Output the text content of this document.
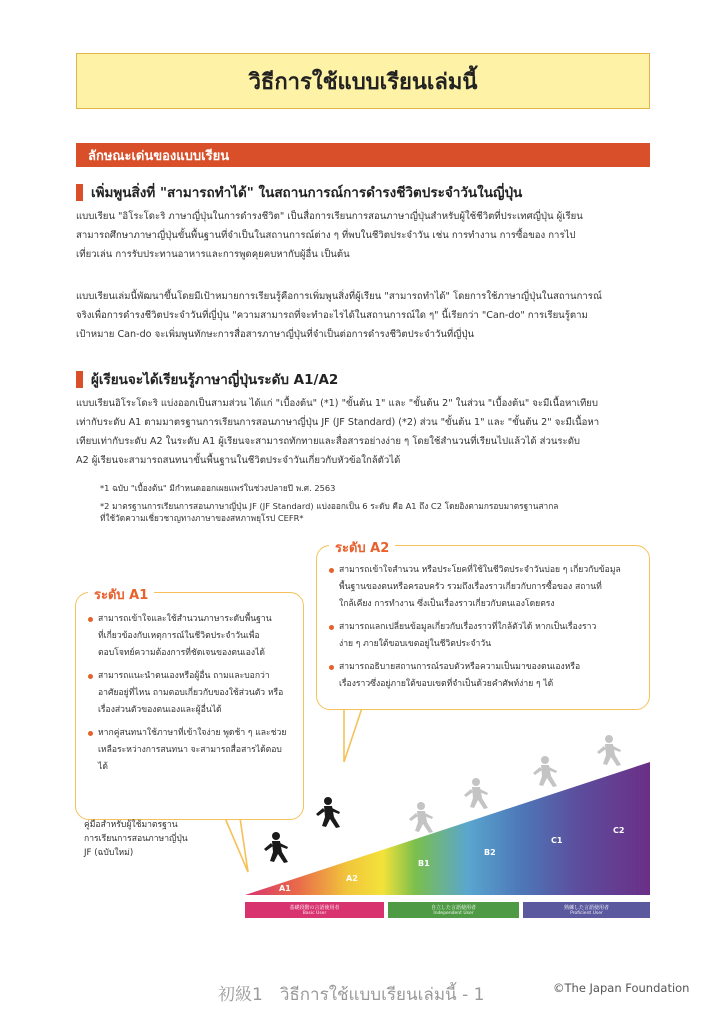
วิธีการใช้แบบเรียนเล่มนี้
ลักษณะเด่นของแบบเรียน
เพิ่มพูนสิ่งที่ "สามารถทำได้" ในสถานการณ์การดำรงชีวิตประจำวันในญี่ปุ่น
แบบเรียน "อิโระโดะริ ภาษาญี่ปุ่นในการดำรงชีวิต" เป็นสื่อการเรียนการสอนภาษาญี่ปุ่นสำหรับผู้ใช้ชีวิตที่ประเทศญี่ปุ่น ผู้เรียน
สามารถศึกษาภาษาญี่ปุ่นขั้นพื้นฐานที่จำเป็นในสถานการณ์ต่าง ๆ ที่พบในชีวิตประจำวัน เช่น การทำงาน การซื้อของ การไป
เที่ยวเล่น การรับประทานอาหารและการพูดคุยคบหากับผู้อื่น เป็นต้น
แบบเรียนเล่มนี้พัฒนาขึ้นโดยมีเป้าหมายการเรียนรู้คือการเพิ่มพูนสิ่งที่ผู้เรียน "สามารถทำได้" โดยการใช้ภาษาญี่ปุ่นในสถานการณ์
จริงเพื่อการดำรงชีวิตประจำวันที่ญี่ปุ่น "ความสามารถที่จะทำอะไรได้ในสถานการณ์ใด ๆ" นี้เรียกว่า "Can-do" การเรียนรู้ตาม
เป้าหมาย Can-do จะเพิ่มพูนทักษะการสื่อสารภาษาญี่ปุ่นที่จำเป็นต่อการดำรงชีวิตประจำวันที่ญี่ปุ่น
ผู้เรียนจะได้เรียนรู้ภาษาญี่ปุ่นระดับ A1/A2
แบบเรียนอิโระโดะริ แบ่งออกเป็นสามส่วน ได้แก่ "เบื้องต้น" (*1) "ขั้นต้น 1" และ "ขั้นต้น 2" ในส่วน "เบื้องต้น" จะมีเนื้อหาเทียบ
เท่ากับระดับ A1 ตามมาตรฐานการเรียนการสอนภาษาญี่ปุ่น JF (JF Standard) (*2) ส่วน "ขั้นต้น 1" และ "ขั้นต้น 2" จะมีเนื้อหา
เทียบเท่ากับระดับ A2 ในระดับ A1 ผู้เรียนจะสามารถทักทายและสื่อสารอย่างง่าย ๆ โดยใช้สำนวนที่เรียนไปแล้วได้ ส่วนระดับ
A2 ผู้เรียนจะสามารถสนทนาขั้นพื้นฐานในชีวิตประจำวันเกี่ยวกับหัวข้อใกล้ตัวได้
*1 ฉบับ "เบื้องต้น" มีกำหนดออกเผยแพร่ในช่วงปลายปี พ.ศ. 2563
*2 มาตรฐานการเรียนการสอนภาษาญี่ปุ่น JF (JF Standard) แบ่งออกเป็น 6 ระดับ คือ A1 ถึง C2 โดยอิงตามกรอบมาตรฐานสากล
ที่ใช้วัดความเชี่ยวชาญทางภาษาของสหภาพยุโรป CEFR*
A1
A2
B1
B2
C1
C2
สามารถเข้าใจและใช้สำนวนภาษาระดับพื้นฐาน
ที่เกี่ยวข้องกับเหตุการณ์ในชีวิตประจำวันเพื่อ
ตอบโจทย์ความต้องการที่ชัดเจนของตนเองได้
สามารถแนะนำตนเองหรือผู้อื่น ถามและบอกว่า
อาศัยอยู่ที่ไหน ถามตอบเกี่ยวกับของใช้ส่วนตัว หรือ
เรื่องส่วนตัวของตนเองและผู้อื่นได้
หากคู่สนทนาใช้ภาษาที่เข้าใจง่าย พูดช้า ๆ และช่วย
เหลือระหว่างการสนทนา จะสามารถสื่อสารได้ตอบ
ได้
ระดับ A1
สามารถเข้าใจสำนวน หรือประโยคที่ใช้ในชีวิตประจำวันบ่อย ๆ เกี่ยวกับข้อมูล
พื้นฐานของตนหรือครอบครัว รวมถึงเรื่องราวเกี่ยวกับการซื้อของ สถานที่
ใกล้เคียง การทำงาน ซึ่งเป็นเรื่องราวเกี่ยวกับตนเองโดยตรง
สามารถแลกเปลี่ยนข้อมูลเกี่ยวกับเรื่องราวที่ใกล้ตัวได้ หากเป็นเรื่องราว
ง่าย ๆ ภายใต้ขอบเขตอยู่ในชีวิตประจำวัน
สามารถอธิบายสถานการณ์รอบตัวหรือความเป็นมาของตนเองหรือ
เรื่องราวซึ่งอยู่ภายใต้ขอบเขตที่จำเป็นด้วยคำศัพท์ง่าย ๆ ได้
ระดับ A2
คู่มือสำหรับผู้ใช้มาตรฐาน
การเรียนการสอนภาษาญี่ปุ่น
JF (ฉบับใหม่)
基礎段階の言語使用者
Basic User
自立した言語使用者
Independent User
熟練した言語使用者
Proficient User
初級1　วิธีการใช้แบบเรียนเล่มนี้ - 1	©The Japan Foundation
